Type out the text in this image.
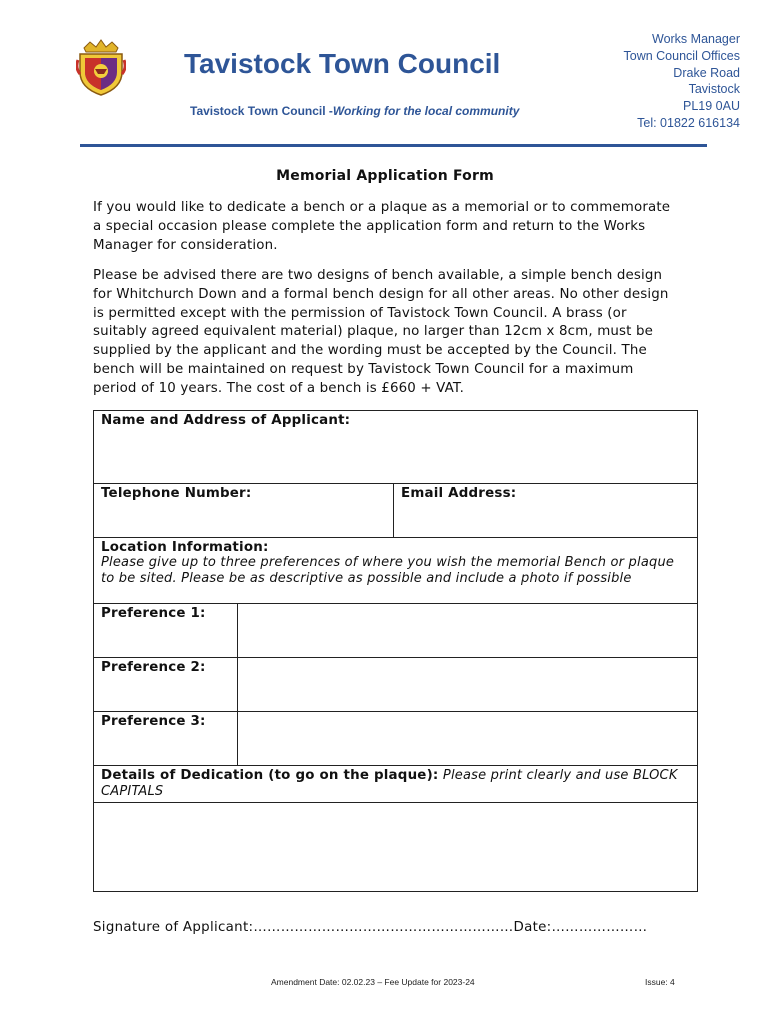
Tavistock Town Council
Tavistock Town Council -Working for the local community
Works Manager
Town Council Offices
Drake Road
Tavistock
PL19 0AU
Tel: 01822 616134
Memorial Application Form
If you would like to dedicate a bench or a plaque as a memorial or to commemorate a special occasion please complete the application form and return to the Works Manager for consideration.
Please be advised there are two designs of bench available, a simple bench design for Whitchurch Down and a formal bench design for all other areas. No other design is permitted except with the permission of Tavistock Town Council. A brass (or suitably agreed equivalent material) plaque, no larger than 12cm x 8cm, must be supplied by the applicant and the wording must be accepted by the Council. The bench will be maintained on request by Tavistock Town Council for a maximum period of 10 years. The cost of a bench is £660 + VAT.
Name and Address of Applicant:		
Telephone Number:		Email Address:

Location Information:
Please give up to three preferences of where you wish the memorial Bench or plaque to be sited. Please be as descriptive as possible and include a photo if possible		

Preference 1:		
Preference 2:		
Preference 3:		

Details of Dedication (to go on the plaque): Please print clearly and use BLOCK CAPITALS		

Signature of Applicant:…………………………………………………Date:…………………
Amendment Date: 02.02.23 – Fee Update for 2023-24	Issue: 4
